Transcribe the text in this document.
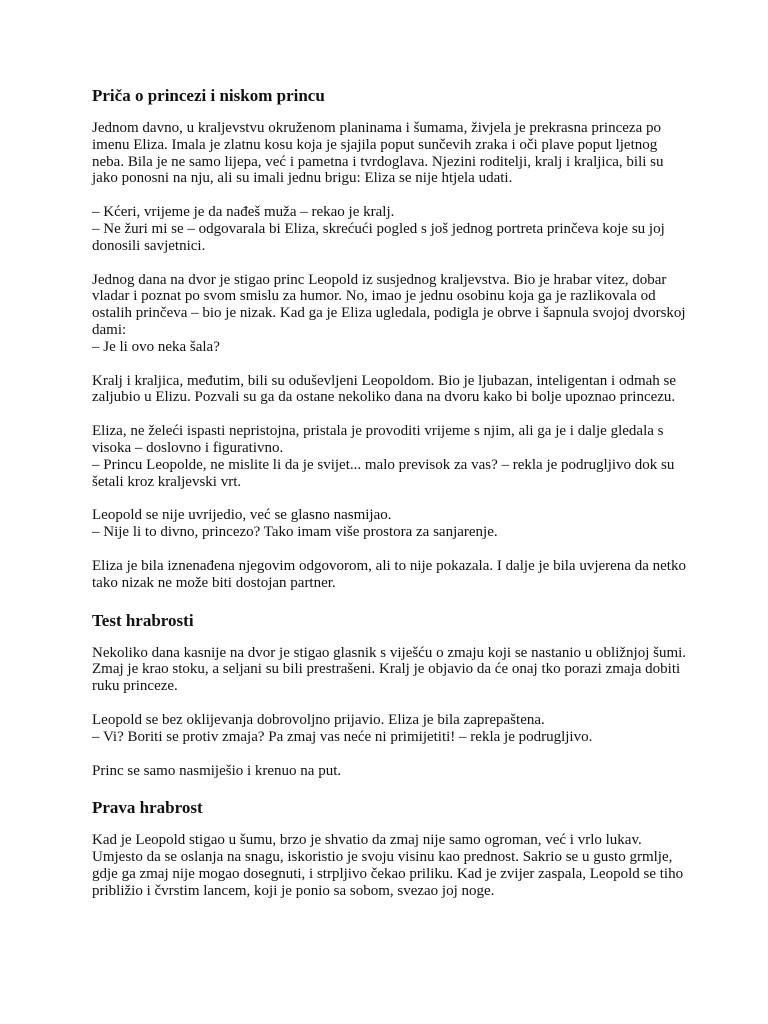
Priča o princezi i niskom princu

Jednom davno, u kraljevstvu okruženom planinama i šumama, živjela je prekrasna princeza po imenu Eliza. Imala je zlatnu kosu koja je sjajila poput sunčevih zraka i oči plave poput ljetnog neba. Bila je ne samo lijepa, već i pametna i tvrdoglava. Njezini roditelji, kralj i kraljica, bili su jako ponosni na nju, ali su imali jednu brigu: Eliza se nije htjela udati.

– Kćeri, vrijeme je da nađeš muža – rekao je kralj.
– Ne žuri mi se – odgovarala bi Eliza, skrećući pogled s još jednog portreta prinčeva koje su joj donosili savjetnici.

Jednog dana na dvor je stigao princ Leopold iz susjednog kraljevstva. Bio je hrabar vitez, dobar vladar i poznat po svom smislu za humor. No, imao je jednu osobinu koja ga je razlikovala od ostalih prinčeva – bio je nizak. Kad ga je Eliza ugledala, podigla je obrve i šapnula svojoj dvorskoj dami:
– Je li ovo neka šala?

Kralj i kraljica, međutim, bili su oduševljeni Leopoldom. Bio je ljubazan, inteligentan i odmah se zaljubio u Elizu. Pozvali su ga da ostane nekoliko dana na dvoru kako bi bolje upoznao princezu.

Eliza, ne želeći ispasti nepristojna, pristala je provoditi vrijeme s njim, ali ga je i dalje gledala s visoka – doslovno i figurativno.
– Princu Leopolde, ne mislite li da je svijet... malo previsok za vas? – rekla je podrugljivo dok su šetali kroz kraljevski vrt.

Leopold se nije uvrijedio, već se glasno nasmijao.
– Nije li to divno, princezo? Tako imam više prostora za sanjarenje.

Eliza je bila iznenađena njegovim odgovorom, ali to nije pokazala. I dalje je bila uvjerena da netko tako nizak ne može biti dostojan partner.

Test hrabrosti

Nekoliko dana kasnije na dvor je stigao glasnik s viješću o zmaju koji se nastanio u obližnjoj šumi. Zmaj je krao stoku, a seljani su bili prestrašeni. Kralj je objavio da će onaj tko porazi zmaja dobiti ruku princeze.

Leopold se bez oklijevanja dobrovoljno prijavio. Eliza je bila zaprepaštena.
– Vi? Boriti se protiv zmaja? Pa zmaj vas neće ni primijetiti! – rekla je podrugljivo.

Princ se samo nasmiješio i krenuo na put.

Prava hrabrost

Kad je Leopold stigao u šumu, brzo je shvatio da zmaj nije samo ogroman, već i vrlo lukav. Umjesto da se oslanja na snagu, iskoristio je svoju visinu kao prednost. Sakrio se u gusto grmlje, gdje ga zmaj nije mogao dosegnuti, i strpljivo čekao priliku. Kad je zvijer zaspala, Leopold se tiho približio i čvrstim lancem, koji je ponio sa sobom, svezao joj noge.
